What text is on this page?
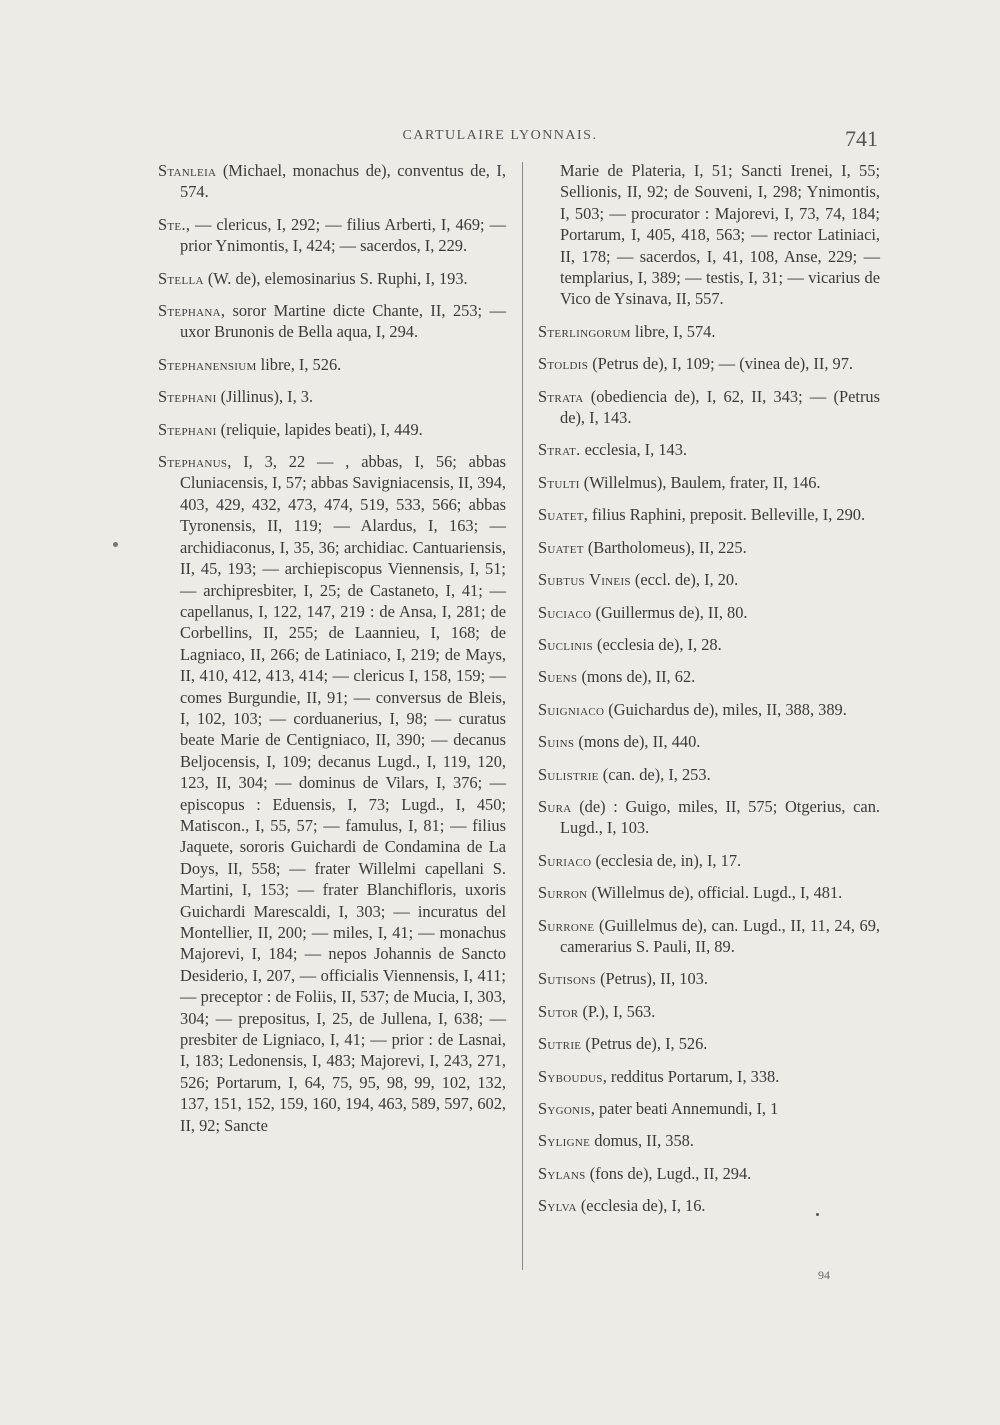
CARTULAIRE LYONNAIS.	741

Stanleia (Michael, monachus de), conventus de, I, 574.

Ste., — clericus, I, 292; — filius Arberti, I, 469; — prior Ynimontis, I, 424; — sacerdos, I, 229.

Stella (W. de), elemosinarius S. Ruphi, I, 193.

Stephana, soror Martine dicte Chante, II, 253; — uxor Brunonis de Bella aqua, I, 294.

Stephanensium libre, I, 526.

Stephani (Jillinus), I, 3.

Stephani (reliquie, lapides beati), I, 449.

Stephanus, I, 3, 22 — , abbas, I, 56; abbas Cluniacensis, I, 57; abbas Savigniacensis, II, 394, 403, 429, 432, 473, 474, 519, 533, 566; abbas Tyronensis, II, 119; — Alardus, I, 163; — archidiaconus, I, 35, 36; archidiac. Cantuariensis, II, 45, 193; — archiepiscopus Viennensis, I, 51; — archipresbiter, I, 25; de Castaneto, I, 41; — capellanus, I, 122, 147, 219 : de Ansa, I, 281; de Corbellins, II, 255; de Laannieu, I, 168; de Lagniaco, II, 266; de Latiniaco, I, 219; de Mays, II, 410, 412, 413, 414; — clericus I, 158, 159; — comes Burgundie, II, 91; — conversus de Bleis, I, 102, 103; — corduanerius, I, 98; — curatus beate Marie de Centigniaco, II, 390; — decanus Beljocensis, I, 109; decanus Lugd., I, 119, 120, 123, II, 304; — dominus de Vilars, I, 376; — episcopus : Eduensis, I, 73; Lugd., I, 450; Matiscon., I, 55, 57; — famulus, I, 81; — filius Jaquete, sororis Guichardi de Condamina de La Doys, II, 558; — frater Willelmi capellani S. Martini, I, 153; — frater Blanchifloris, uxoris Guichardi Marescaldi, I, 303; — incuratus del Montellier, II, 200; — miles, I, 41; — monachus Majorevi, I, 184; — nepos Johannis de Sancto Desiderio, I, 207, — officialis Viennensis, I, 411; — preceptor : de Foliis, II, 537; de Mucia, I, 303, 304; — prepositus, I, 25, de Jullena, I, 638; — presbiter de Ligniaco, I, 41; — prior : de Lasnai, I, 183; Ledonensis, I, 483; Majorevi, I, 243, 271, 526; Portarum, I, 64, 75, 95, 98, 99, 102, 132, 137, 151, 152, 159, 160, 194, 463, 589, 597, 602, II, 92; Sancte

Marie de Plateria, I, 51; Sancti Irenei, I, 55; Sellionis, II, 92; de Souveni, I, 298; Ynimontis, I, 503; — procurator : Majorevi, I, 73, 74, 184; Portarum, I, 405, 418, 563; — rector Latiniaci, II, 178; — sacerdos, I, 41, 108, Anse, 229; — templarius, I, 389; — testis, I, 31; — vicarius de Vico de Ysinava, II, 557.

Sterlingorum libre, I, 574.

Stoldis (Petrus de), I, 109; — (vinea de), II, 97.

Strata (obediencia de), I, 62, II, 343; — (Petrus de), I, 143.

Strat. ecclesia, I, 143.

Stulti (Willelmus), Baulem, frater, II, 146.

Suatet, filius Raphini, preposit. Belleville, I, 290.

Suatet (Bartholomeus), II, 225.

Subtus Vineis (eccl. de), I, 20.

Suciaco (Guillermus de), II, 80.

Suclinis (ecclesia de), I, 28.

Suens (mons de), II, 62.

Suigniaco (Guichardus de), miles, II, 388, 389.

Suins (mons de), II, 440.

Sulistrie (can. de), I, 253.

Sura (de) : Guigo, miles, II, 575; Otgerius, can. Lugd., I, 103.

Suriaco (ecclesia de, in), I, 17.

Surron (Willelmus de), official. Lugd., I, 481.

Surrone (Guillelmus de), can. Lugd., II, 11, 24, 69, camerarius S. Pauli, II, 89.

Sutisons (Petrus), II, 103.

Sutor (P.), I, 563.

Sutrie (Petrus de), I, 526.

Syboudus, redditus Portarum, I, 338.

Sygonis, pater beati Annemundi, I, 1

Syligne domus, II, 358.

Sylans (fons de), Lugd., II, 294.

Sylva (ecclesia de), I, 16.

94
